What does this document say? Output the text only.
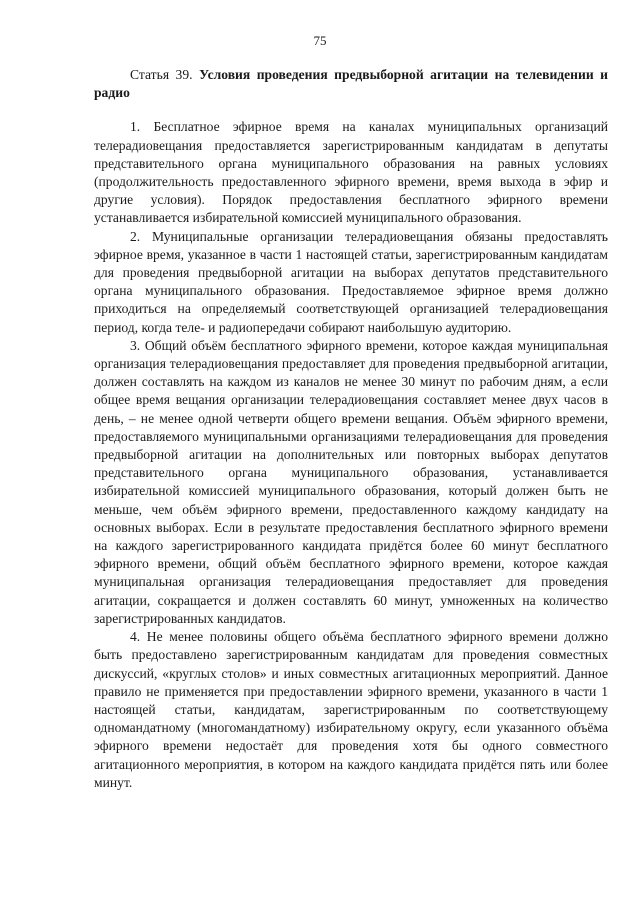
75

Статья 39. Условия проведения предвыборной агитации на телевидении и радио

1. Бесплатное эфирное время на каналах муниципальных организаций телерадиовещания предоставляется зарегистрированным кандидатам в депутаты представительного органа муниципального образования на равных условиях (продолжительность предоставленного эфирного времени, время выхода в эфир и другие условия). Порядок предоставления бесплатного эфирного времени устанавливается избирательной комиссией муниципального образования.

2. Муниципальные организации телерадиовещания обязаны предоставлять эфирное время, указанное в части 1 настоящей статьи, зарегистрированным кандидатам для проведения предвыборной агитации на выборах депутатов представительного органа муниципального образования. Предоставляемое эфирное время должно приходиться на определяемый соответствующей организацией телерадиовещания период, когда теле- и радиопередачи собирают наибольшую аудиторию.

3. Общий объём бесплатного эфирного времени, которое каждая муниципальная организация телерадиовещания предоставляет для проведения предвыборной агитации, должен составлять на каждом из каналов не менее 30 минут по рабочим дням, а если общее время вещания организации телерадиовещания составляет менее двух часов в день, – не менее одной четверти общего времени вещания. Объём эфирного времени, предоставляемого муниципальными организациями телерадиовещания для проведения предвыборной агитации на дополнительных или повторных выборах депутатов представительного органа муниципального образования, устанавливается избирательной комиссией муниципального образования, который должен быть не меньше, чем объём эфирного времени, предоставленного каждому кандидату на основных выборах. Если в результате предоставления бесплатного эфирного времени на каждого зарегистрированного кандидата придётся более 60 минут бесплатного эфирного времени, общий объём бесплатного эфирного времени, которое каждая муниципальная организация телерадиовещания предоставляет для проведения агитации, сокращается и должен составлять 60 минут, умноженных на количество зарегистрированных кандидатов.

4. Не менее половины общего объёма бесплатного эфирного времени должно быть предоставлено зарегистрированным кандидатам для проведения совместных дискуссий, «круглых столов» и иных совместных агитационных мероприятий. Данное правило не применяется при предоставлении эфирного времени, указанного в части 1 настоящей статьи, кандидатам, зарегистрированным по соответствующему одномандатному (многомандатному) избирательному округу, если указанного объёма эфирного времени недостаёт для проведения хотя бы одного совместного агитационного мероприятия, в котором на каждого кандидата придётся пять или более минут.
